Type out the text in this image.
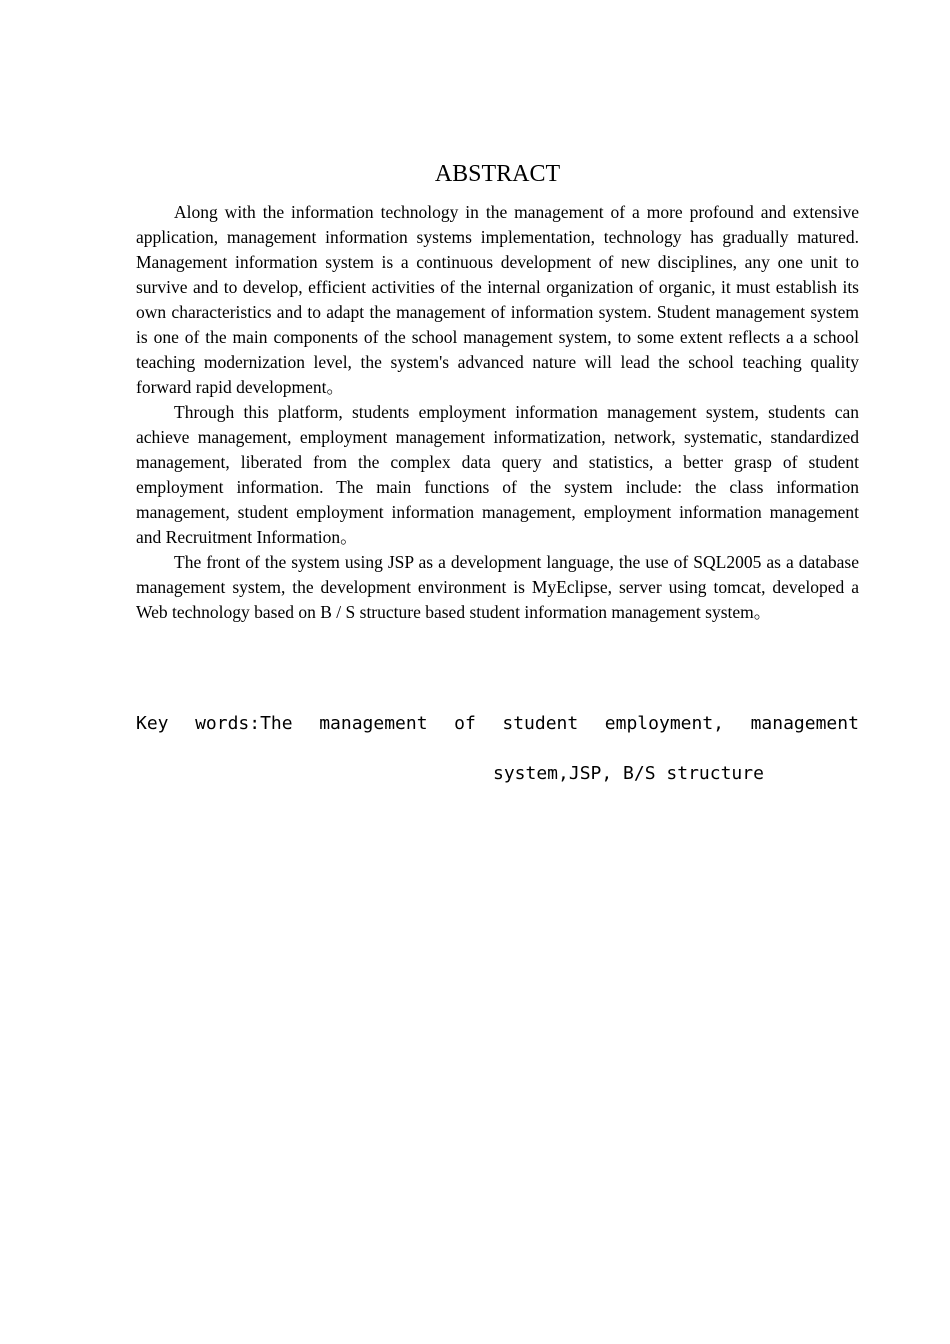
ABSTRACT

Along with the information technology in the management of a more profound and extensive application, management information systems implementation, technology has gradually matured. Management information system is a continuous development of new disciplines, any one unit to survive and to develop, efficient activities of the internal organization of organic, it must establish its own characteristics and to adapt the management of information system. Student management system is one of the main components of the school management system, to some extent reflects a a school teaching modernization level, the system's advanced nature will lead the school teaching quality forward rapid development。

Through this platform, students employment information management system, students can achieve management, employment management informatization, network, systematic, standardized management, liberated from the complex data query and statistics, a better grasp of student employment information. The main functions of the system include: the class information management, student employment information management, employment information management and Recruitment Information。

The front of the system using JSP as a development language, the use of SQL2005 as a database management system, the development environment is MyEclipse, server using tomcat, developed a Web technology based on B / S structure based student information management system。

Key words:The management of student employment, management
system,JSP, B/S structure
